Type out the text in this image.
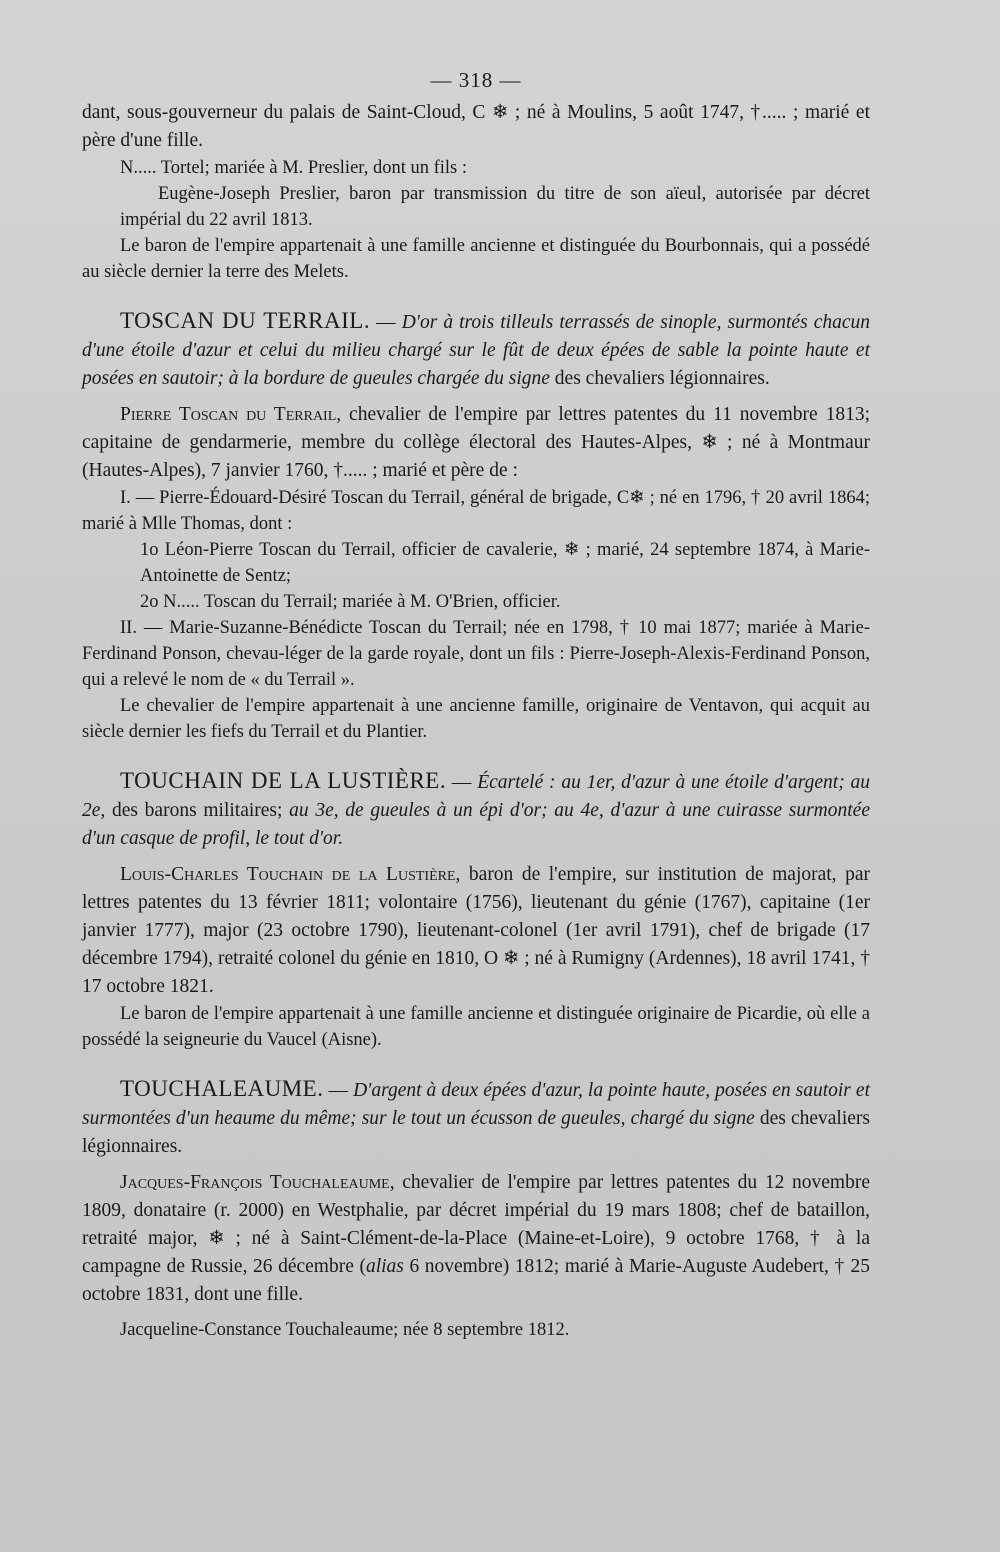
— 318 —

dant, sous-gouverneur du palais de Saint-Cloud, C ❄ ; né à Moulins, 5 août 1747, †..... ; marié et père d'une fille.

N..... Tortel; mariée à M. Preslier, dont un fils :

Eugène-Joseph Preslier, baron par transmission du titre de son aïeul, autorisée par décret impérial du 22 avril 1813.

Le baron de l'empire appartenait à une famille ancienne et distinguée du Bourbonnais, qui a possédé au siècle dernier la terre des Melets.

TOSCAN DU TERRAIL. — D'or à trois tilleuls terrassés de sinople, surmontés chacun d'une étoile d'azur et celui du milieu chargé sur le fût de deux épées de sable la pointe haute et posées en sautoir; à la bordure de gueules chargée du signe des chevaliers légionnaires.

Pierre Toscan du Terrail, chevalier de l'empire par lettres patentes du 11 novembre 1813; capitaine de gendarmerie, membre du collège électoral des Hautes-Alpes, ❄ ; né à Montmaur (Hautes-Alpes), 7 janvier 1760, †..... ; marié et père de :

I. — Pierre-Édouard-Désiré Toscan du Terrail, général de brigade, C❄ ; né en 1796, † 20 avril 1864; marié à Mlle Thomas, dont :

1o Léon-Pierre Toscan du Terrail, officier de cavalerie, ❄ ; marié, 24 septembre 1874, à Marie-Antoinette de Sentz;

2o N..... Toscan du Terrail; mariée à M. O'Brien, officier.

II. — Marie-Suzanne-Bénédicte Toscan du Terrail; née en 1798, † 10 mai 1877; mariée à Marie-Ferdinand Ponson, chevau-léger de la garde royale, dont un fils : Pierre-Joseph-Alexis-Ferdinand Ponson, qui a relevé le nom de « du Terrail ».

Le chevalier de l'empire appartenait à une ancienne famille, originaire de Ventavon, qui acquit au siècle dernier les fiefs du Terrail et du Plantier.

TOUCHAIN DE LA LUSTIÈRE. — Écartelé : au 1er, d'azur à une étoile d'argent; au 2e, des barons militaires; au 3e, de gueules à un épi d'or; au 4e, d'azur à une cuirasse surmontée d'un casque de profil, le tout d'or.

Louis-Charles Touchain de la Lustière, baron de l'empire, sur institution de majorat, par lettres patentes du 13 février 1811; volontaire (1756), lieutenant du génie (1767), capitaine (1er janvier 1777), major (23 octobre 1790), lieutenant-colonel (1er avril 1791), chef de brigade (17 décembre 1794), retraité colonel du génie en 1810, O ❄ ; né à Rumigny (Ardennes), 18 avril 1741, † 17 octobre 1821.

Le baron de l'empire appartenait à une famille ancienne et distinguée originaire de Picardie, où elle a possédé la seigneurie du Vaucel (Aisne).

TOUCHALEAUME. — D'argent à deux épées d'azur, la pointe haute, posées en sautoir et surmontées d'un heaume du même; sur le tout un écusson de gueules, chargé du signe des chevaliers légionnaires.

Jacques-François Touchaleaume, chevalier de l'empire par lettres patentes du 12 novembre 1809, donataire (r. 2000) en Westphalie, par décret impérial du 19 mars 1808; chef de bataillon, retraité major, ❄ ; né à Saint-Clément-de-la-Place (Maine-et-Loire), 9 octobre 1768, † à la campagne de Russie, 26 décembre (alias 6 novembre) 1812; marié à Marie-Auguste Audebert, † 25 octobre 1831, dont une fille.

Jacqueline-Constance Touchaleaume; née 8 septembre 1812.
